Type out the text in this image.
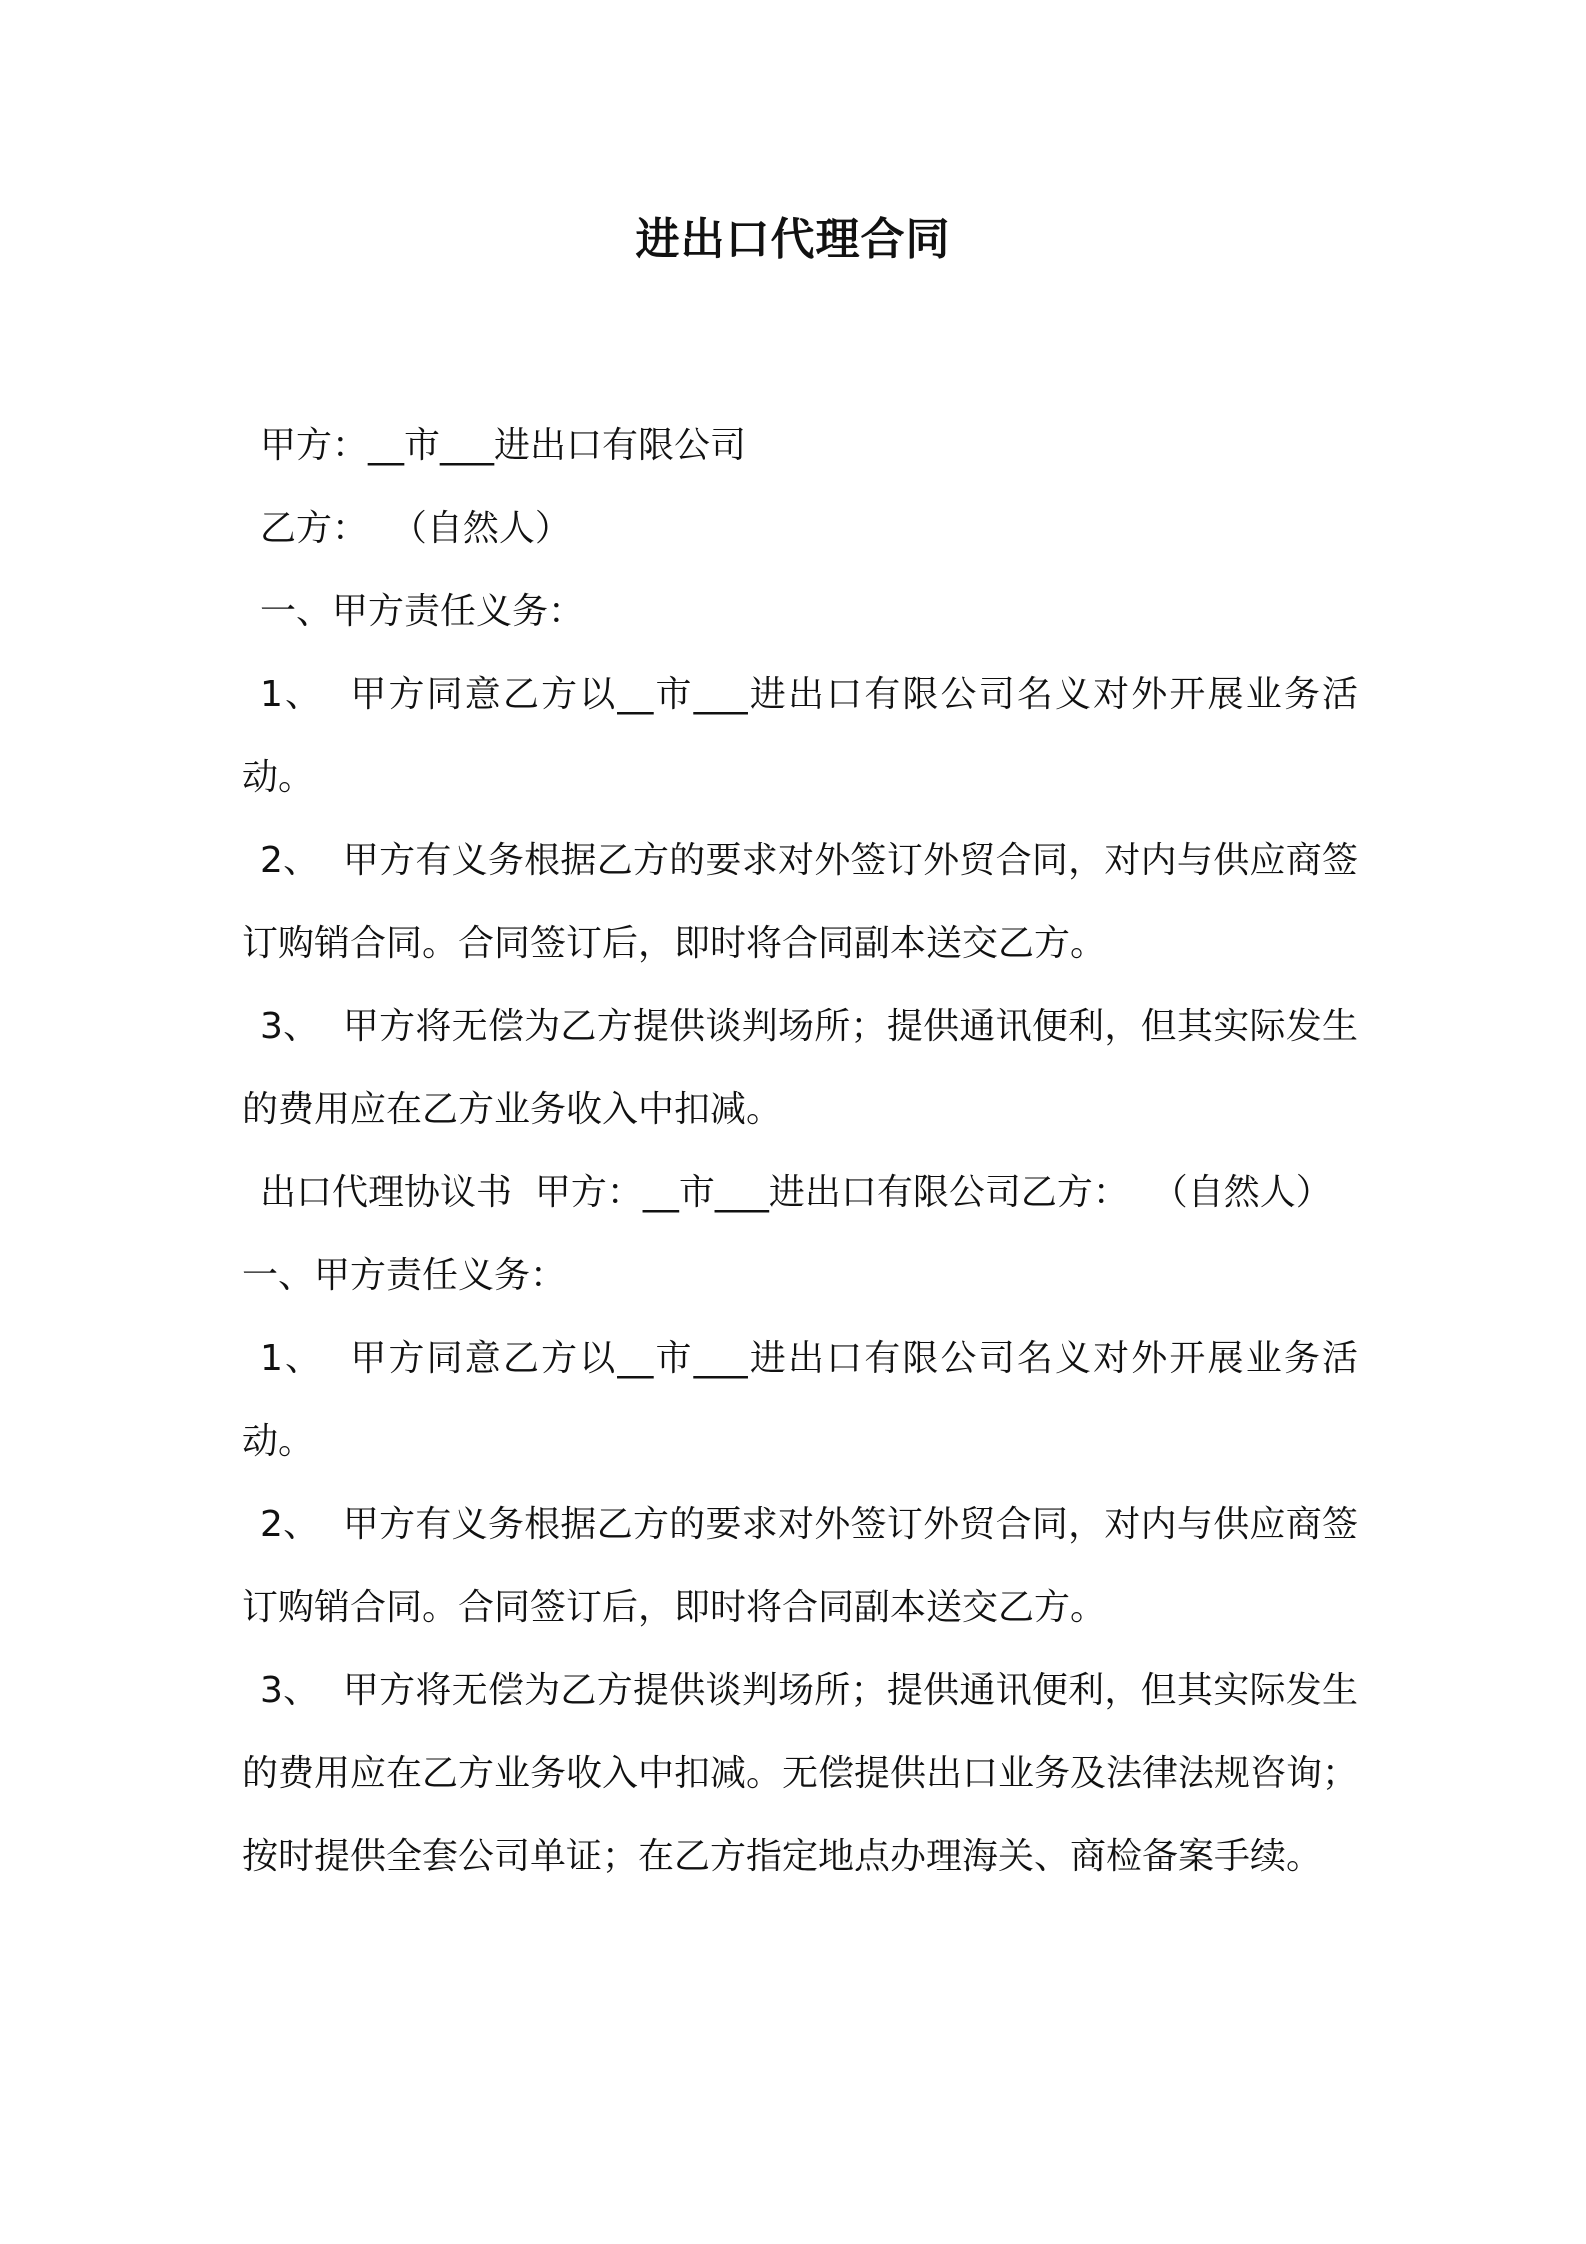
进出口代理合同

甲方：__市___进出口有限公司

乙方：  （自然人）

一、甲方责任义务：

1、  甲方同意乙方以__市___进出口有限公司名义对外开展业务活动。

2、  甲方有义务根据乙方的要求对外签订外贸合同，对内与供应商签订购销合同。合同签订后，即时将合同副本送交乙方。

3、  甲方将无偿为乙方提供谈判场所；提供通讯便利，但其实际发生的费用应在乙方业务收入中扣减。

出口代理协议书  甲方：__市___进出口有限公司乙方：  （自然人）

一、甲方责任义务：

1、  甲方同意乙方以__市___进出口有限公司名义对外开展业务活动。

2、  甲方有义务根据乙方的要求对外签订外贸合同，对内与供应商签订购销合同。合同签订后，即时将合同副本送交乙方。

3、  甲方将无偿为乙方提供谈判场所；提供通讯便利，但其实际发生的费用应在乙方业务收入中扣减。无偿提供出口业务及法律法规咨询；按时提供全套公司单证；在乙方指定地点办理海关、商检备案手续。
